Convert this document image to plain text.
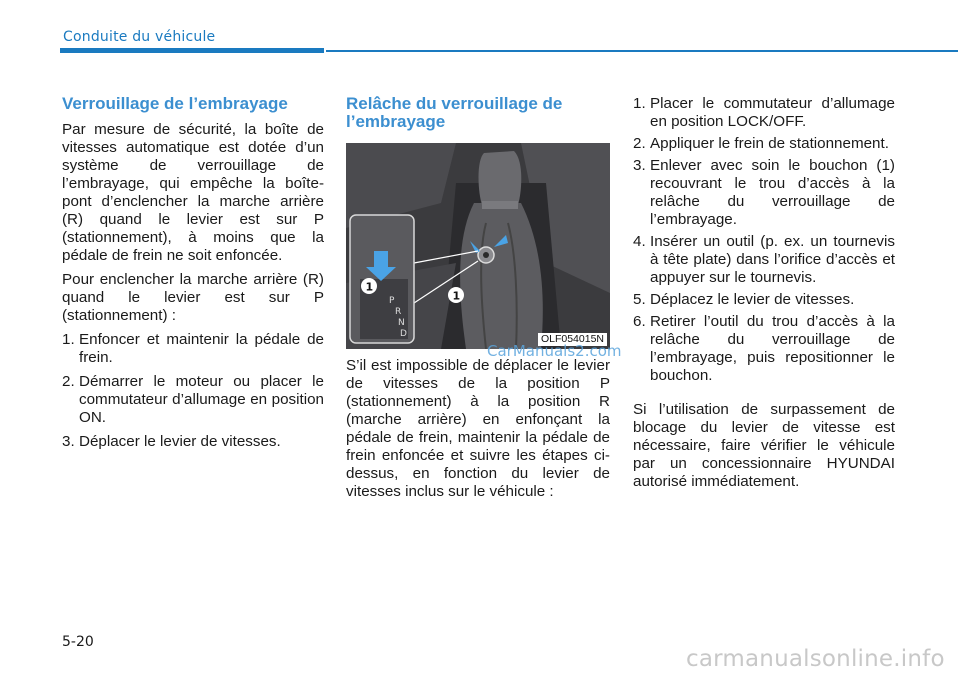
Conduite du véhicule
Verrouillage de l’embrayage

Par mesure de sécurité, la boîte de vitesses automatique est dotée d’un système de verrouillage de l’embrayage, qui empêche la boîte-pont d’enclencher la marche arrière (R) quand le levier est sur P (stationnement), à moins que la pédale de frein ne soit enfoncée.

Pour enclencher la marche arrière (R) quand le levier est sur P (stationnement) :

1. Enfoncer et maintenir la pédale de frein.
2. Démarrer le moteur ou placer le commutateur d’allumage en position ON.
3. Déplacer le levier de vitesses.
Relâche du verrouillage de l’embrayage
P
R
N
D
1
1
OLF054015N

S’il est impossible de déplacer le levier de vitesses de la position P (stationnement) à la position R (marche arrière) en enfonçant la pédale de frein, maintenir la pédale de frein enfoncée et suivre les étapes ci-dessus, en fonction du levier de vitesses inclus sur le véhicule :

1. Placer le commutateur d’allumage en position LOCK/OFF.
2. Appliquer le frein de stationnement.
3. Enlever avec soin le bouchon (1) recouvrant le trou d’accès à la relâche du verrouillage de l’embrayage.
4. Insérer un outil (p. ex. un tournevis à tête plate) dans l’orifice d’accès et appuyer sur le tournevis.
5. Déplacez le levier de vitesses.
6. Retirer l’outil du trou d’accès à la relâche du verrouillage de l’embrayage, puis repositionner le bouchon.

Si l’utilisation de surpassement de blocage du levier de vitesse est nécessaire, faire vérifier le véhicule par un concessionnaire HYUNDAI autorisé immédiatement.

CarManuals2.com
5-20
carmanualsonline.info
